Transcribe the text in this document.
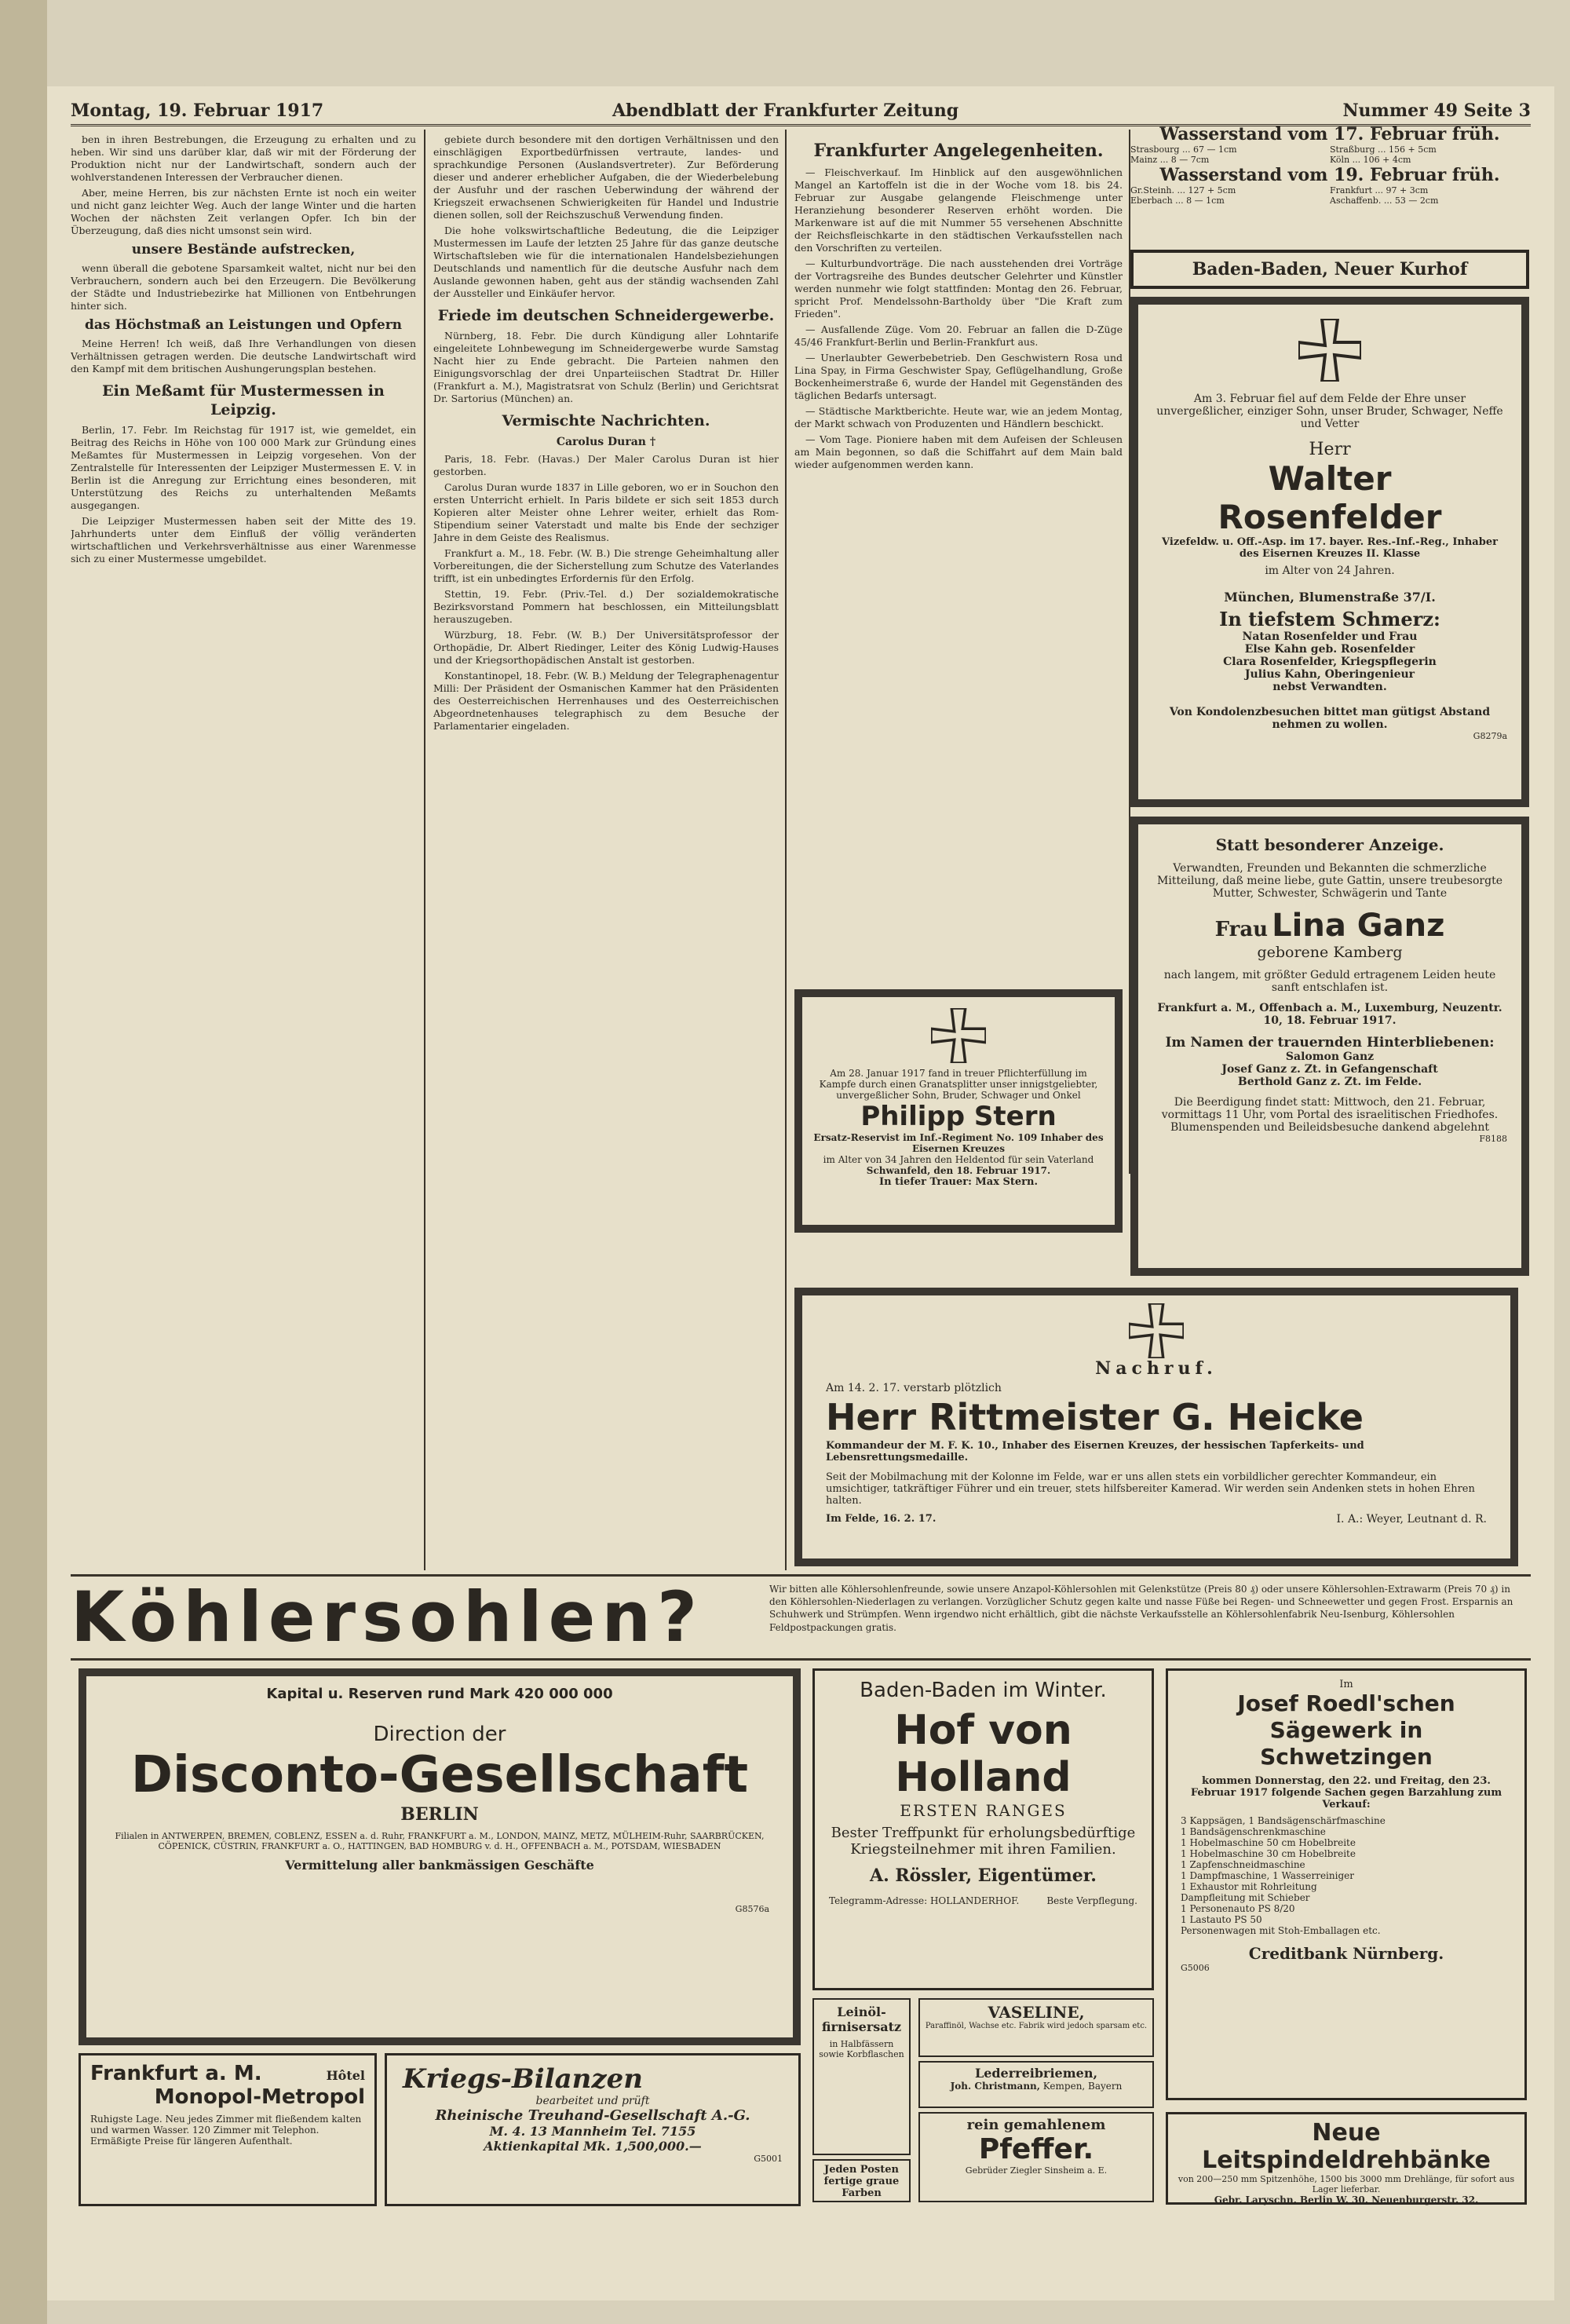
Montag, 19. Februar 1917	Abendblatt der Frankfurter Zeitung	Nummer 49 Seite 3

ben in ihren Bestrebungen, die Erzeugung zu erhalten und zu heben. Wir sind uns darüber klar, daß wir mit der Förderung der Produktion nicht nur der Landwirtschaft, sondern auch der wohlverstandenen Interessen der Verbraucher dienen.

Aber, meine Herren, bis zur nächsten Ernte ist noch ein weiter und nicht ganz leichter Weg. Auch der lange Winter und die harten Wochen der nächsten Zeit verlangen Opfer. Ich bin der Überzeugung, daß dies nicht umsonst sein wird.

unsere Bestände aufstrecken,

wenn überall die gebotene Sparsamkeit waltet, nicht nur bei den Verbrauchern, sondern auch bei den Erzeugern. Die Bevölkerung der Städte und Industriebezirke hat Millionen von Entbehrungen hinter sich.

das Höchstmaß an Leistungen und Opfern

Meine Herren! Ich weiß, daß Ihre Verhandlungen von diesen Verhältnissen getragen werden. Die deutsche Landwirtschaft wird den Kampf mit dem britischen Aushungerungsplan bestehen.

Ein Meßamt für Mustermessen in Leipzig.

Berlin, 17. Febr. Im Reichstag für 1917 ist, wie gemeldet, ein Beitrag des Reichs in Höhe von 100 000 Mark zur Gründung eines Meßamtes für Mustermessen in Leipzig vorgesehen. Von der Zentralstelle für Interessenten der Leipziger Mustermessen E. V. in Berlin ist die Anregung zur Errichtung eines besonderen, mit Unterstützung des Reichs zu unterhaltenden Meßamts ausgegangen.

Die Leipziger Mustermessen haben seit der Mitte des 19. Jahrhunderts unter dem Einfluß der völlig veränderten wirtschaftlichen und Verkehrsverhältnisse aus einer Warenmesse sich zu einer Mustermesse umgebildet.

gebiete durch besondere mit den dortigen Verhältnissen und den einschlägigen Exportbedürfnissen vertraute, landes- und sprachkundige Personen (Auslandsvertreter). Zur Beförderung dieser und anderer erheblicher Aufgaben, die der Wiederbelebung der Ausfuhr und der raschen Ueberwindung der während der Kriegszeit erwachsenen Schwierigkeiten für Handel und Industrie dienen sollen, soll der Reichszuschuß Verwendung finden.

Die hohe volkswirtschaftliche Bedeutung, die die Leipziger Mustermessen im Laufe der letzten 25 Jahre für das ganze deutsche Wirtschaftsleben wie für die internationalen Handelsbeziehungen Deutschlands und namentlich für die deutsche Ausfuhr nach dem Auslande gewonnen haben, geht aus der ständig wachsenden Zahl der Aussteller und Einkäufer hervor.

Friede im deutschen Schneidergewerbe.

Nürnberg, 18. Febr. Die durch Kündigung aller Lohntarife eingeleitete Lohnbewegung im Schneidergewerbe wurde Samstag Nacht hier zu Ende gebracht. Die Parteien nahmen den Einigungsvorschlag der drei Unparteiischen Stadtrat Dr. Hiller (Frankfurt a. M.), Magistratsrat von Schulz (Berlin) und Gerichtsrat Dr. Sartorius (München) an.

Vermischte Nachrichten.
Carolus Duran †

Paris, 18. Febr. (Havas.) Der Maler Carolus Duran ist hier gestorben.

Carolus Duran wurde 1837 in Lille geboren, wo er in Souchon den ersten Unterricht erhielt. In Paris bildete er sich seit 1853 durch Kopieren alter Meister ohne Lehrer weiter, erhielt das Rom-Stipendium seiner Vaterstadt und malte bis Ende der sechziger Jahre in dem Geiste des Realismus.

Frankfurt a. M., 18. Febr. (W. B.) Die strenge Geheimhaltung aller Vorbereitungen, die der Sicherstellung zum Schutze des Vaterlandes trifft, ist ein unbedingtes Erfordernis für den Erfolg.

Stettin, 19. Febr. (Priv.-Tel. d.) Der sozialdemokratische Bezirksvorstand Pommern hat beschlossen, ein Mitteilungsblatt herauszugeben.

Würzburg, 18. Febr. (W. B.) Der Universitätsprofessor der Orthopädie, Dr. Albert Riedinger, Leiter des König Ludwig-Hauses und der Kriegsorthopädischen Anstalt ist gestorben.

Konstantinopel, 18. Febr. (W. B.) Meldung der Telegraphenagentur Milli: Der Präsident der Osmanischen Kammer hat den Präsidenten des Oesterreichischen Herrenhauses und des Oesterreichischen Abgeordnetenhauses telegraphisch zu dem Besuche der Parlamentarier eingeladen.

Frankfurter Angelegenheiten.

— Fleischverkauf. Im Hinblick auf den ausgewöhnlichen Mangel an Kartoffeln ist die in der Woche vom 18. bis 24. Februar zur Ausgabe gelangende Fleischmenge unter Heranziehung besonderer Reserven erhöht worden. Die Markenware ist auf die mit Nummer 55 versehenen Abschnitte der Reichsfleischkarte in den städtischen Verkaufsstellen nach den Vorschriften zu verteilen.

— Kulturbundvorträge. Die nach ausstehenden drei Vorträge der Vortragsreihe des Bundes deutscher Gelehrter und Künstler werden nunmehr wie folgt stattfinden: Montag den 26. Februar, spricht Prof. Mendelssohn-Bartholdy über "Die Kraft zum Frieden".

— Ausfallende Züge. Vom 20. Februar an fallen die D-Züge 45/46 Frankfurt-Berlin und Berlin-Frankfurt aus.

— Unerlaubter Gewerbebetrieb. Den Geschwistern Rosa und Lina Spay, in Firma Geschwister Spay, Geflügelhandlung, Große Bockenheimerstraße 6, wurde der Handel mit Gegenständen des täglichen Bedarfs untersagt.

— Städtische Marktberichte. Heute war, wie an jedem Montag, der Markt schwach von Produzenten und Händlern beschickt.

— Vom Tage. Pioniere haben mit dem Aufeisen der Schleusen am Main begonnen, so daß die Schiffahrt auf dem Main bald wieder aufgenommen werden kann.

Wasserstand vom 17. Februar früh.
Strasbourg ... 67 — 1cm	Straßburg ... 156 + 5cm
Mainz ... 8 — 7cm	Köln ... 106 + 4cm
Wasserstand vom 19. Februar früh.
Gr.Steinh. ... 127 + 5cm	Frankfurt ... 97 + 3cm
Eberbach ... 8 — 1cm	Aschaffenb. ... 53 — 2cm
Baden-Baden, Neuer Kurhof
Am 3. Februar fiel auf dem Felde der Ehre unser unvergeßlicher, einziger Sohn, unser Bruder, Schwager, Neffe und Vetter
Herr
Walter Rosenfelder
Vizefeldw. u. Off.-Asp. im 17. bayer. Res.-Inf.-Reg., Inhaber des Eisernen Kreuzes II. Klasse
im Alter von 24 Jahren.
München, Blumenstraße 37/I.
In tiefstem Schmerz:
Natan Rosenfelder und Frau
Else Kahn geb. Rosenfelder
Clara Rosenfelder, Kriegspflegerin
Julius Kahn, Oberingenieur
nebst Verwandten.
Von Kondolenzbesuchen bittet man gütigst Abstand nehmen zu wollen.
G8279a
Statt besonderer Anzeige.
Verwandten, Freunden und Bekannten die schmerzliche Mitteilung, daß meine liebe, gute Gattin, unsere treubesorgte Mutter, Schwester, Schwägerin und Tante
Frau Lina Ganz
geborene Kamberg
nach langem, mit größter Geduld ertragenem Leiden heute sanft entschlafen ist.
Frankfurt a. M., Offenbach a. M., Luxemburg, Neuzentr. 10, 18. Februar 1917.
Im Namen der trauernden Hinterbliebenen:
Salomon Ganz
Josef Ganz z. Zt. in Gefangenschaft
Berthold Ganz z. Zt. im Felde.
Die Beerdigung findet statt: Mittwoch, den 21. Februar, vormittags 11 Uhr, vom Portal des israelitischen Friedhofes. Blumenspenden und Beileidsbesuche dankend abgelehnt
F8188
Am 28. Januar 1917 fand in treuer Pflichterfüllung im Kampfe durch einen Granatsplitter unser innigstgeliebter, unvergeßlicher Sohn, Bruder, Schwager und Onkel
Philipp Stern
Ersatz-Reservist im Inf.-Regiment No. 109 Inhaber des Eisernen Kreuzes
im Alter von 34 Jahren den Heldentod für sein Vaterland
Schwanfeld, den 18. Februar 1917.
In tiefer Trauer: Max Stern.
Nachruf.
Am 14. 2. 17. verstarb plötzlich
Herr Rittmeister G. Heicke
Kommandeur der M. F. K. 10., Inhaber des Eisernen Kreuzes, der hessischen Tapferkeits- und Lebensrettungsmedaille.
Seit der Mobilmachung mit der Kolonne im Felde, war er uns allen stets ein vorbildlicher gerechter Kommandeur, ein umsichtiger, tatkräftiger Führer und ein treuer, stets hilfsbereiter Kamerad. Wir werden sein Andenken stets in hohen Ehren halten.
Im Felde, 16. 2. 17.	I. A.: Weyer, Leutnant d. R.
Köhlersohlen?	Wir bitten alle Köhlersohlenfreunde, sowie unsere Anzapol-Köhlersohlen mit Gelenkstütze (Preis 80 ₰) oder unsere Köhlersohlen-Extrawarm (Preis 70 ₰) in den Köhlersohlen-Niederlagen zu verlangen. Vorzüglicher Schutz gegen kalte und nasse Füße bei Regen- und Schneewetter und gegen Frost. Ersparnis an Schuhwerk und Strümpfen. Wenn irgendwo nicht erhältlich, gibt die nächste Verkaufsstelle an Köhlersohlenfabrik Neu-Isenburg, Köhlersohlen Feldpostpackungen gratis.
Kapital u. Reserven rund Mark 420 000 000
Direction der
Disconto-Gesellschaft
BERLIN
Filialen in ANTWERPEN, BREMEN, COBLENZ, ESSEN a. d. Ruhr, FRANKFURT a. M., LONDON, MAINZ, METZ, MÜLHEIM-Ruhr, SAARBRÜCKEN, CÖPENICK, CÜSTRIN, FRANKFURT a. O., HATTINGEN, BAD HOMBURG v. d. H., OFFENBACH a. M., POTSDAM, WIESBADEN
Vermittelung aller bankmässigen Geschäfte
G8576a
Baden-Baden im Winter.
Hof von Holland
ERSTEN RANGES
Bester Treffpunkt für erholungsbedürftige Kriegsteilnehmer mit ihren Familien.
A. Rössler, Eigentümer.
Telegramm-Adresse: HOLLANDERHOF.	Beste Verpflegung.
Im
Josef Roedl'schen Sägewerk in Schwetzingen
kommen Donnerstag, den 22. und Freitag, den 23. Februar 1917 folgende Sachen gegen Barzahlung zum Verkauf:
3 Kappsägen, 1 Bandsägenschärfmaschine
1 Bandsägenschrenkmaschine
1 Hobelmaschine 50 cm Hobelbreite
1 Hobelmaschine 30 cm Hobelbreite
1 Zapfenschneidmaschine
1 Dampfmaschine, 1 Wasserreiniger
1 Exhaustor mit Rohrleitung
Dampfleitung mit Schieber
1 Personenauto PS 8/20
1 Lastauto PS 50
Personenwagen mit Stoh-Emballagen etc.
Creditbank Nürnberg.
G5006
Leinöl-firnisersatz
in Halbfässern sowie Korbflaschen
VASELINE,
Paraffinöl, Wachse etc. Fabrik wird jedoch sparsam etc.
Lederreibriemen,
Joh. Christmann, Kempen, Bayern
Jeden Posten fertige graue Farben
rein gemahlenem
Pfeffer.
Gebrüder Ziegler Sinsheim a. E.
Frankfurt a. M.	Hôtel
Monopol-Metropol
Ruhigste Lage. Neu jedes Zimmer mit fließendem kalten und warmen Wasser. 120 Zimmer mit Telephon. Ermäßigte Preise für längeren Aufenthalt.
Kriegs-Bilanzen
bearbeitet und prüft
Rheinische Treuhand-Gesellschaft A.-G.
M. 4. 13 Mannheim Tel. 7155
Aktienkapital Mk. 1,500,000.—
G5001
Neue Leitspindeldrehbänke
von 200—250 mm Spitzenhöhe, 1500 bis 3000 mm Drehlänge, für sofort aus Lager lieferbar.
Gebr. Laryschn, Berlin W. 30, Neuenburgerstr. 32.
